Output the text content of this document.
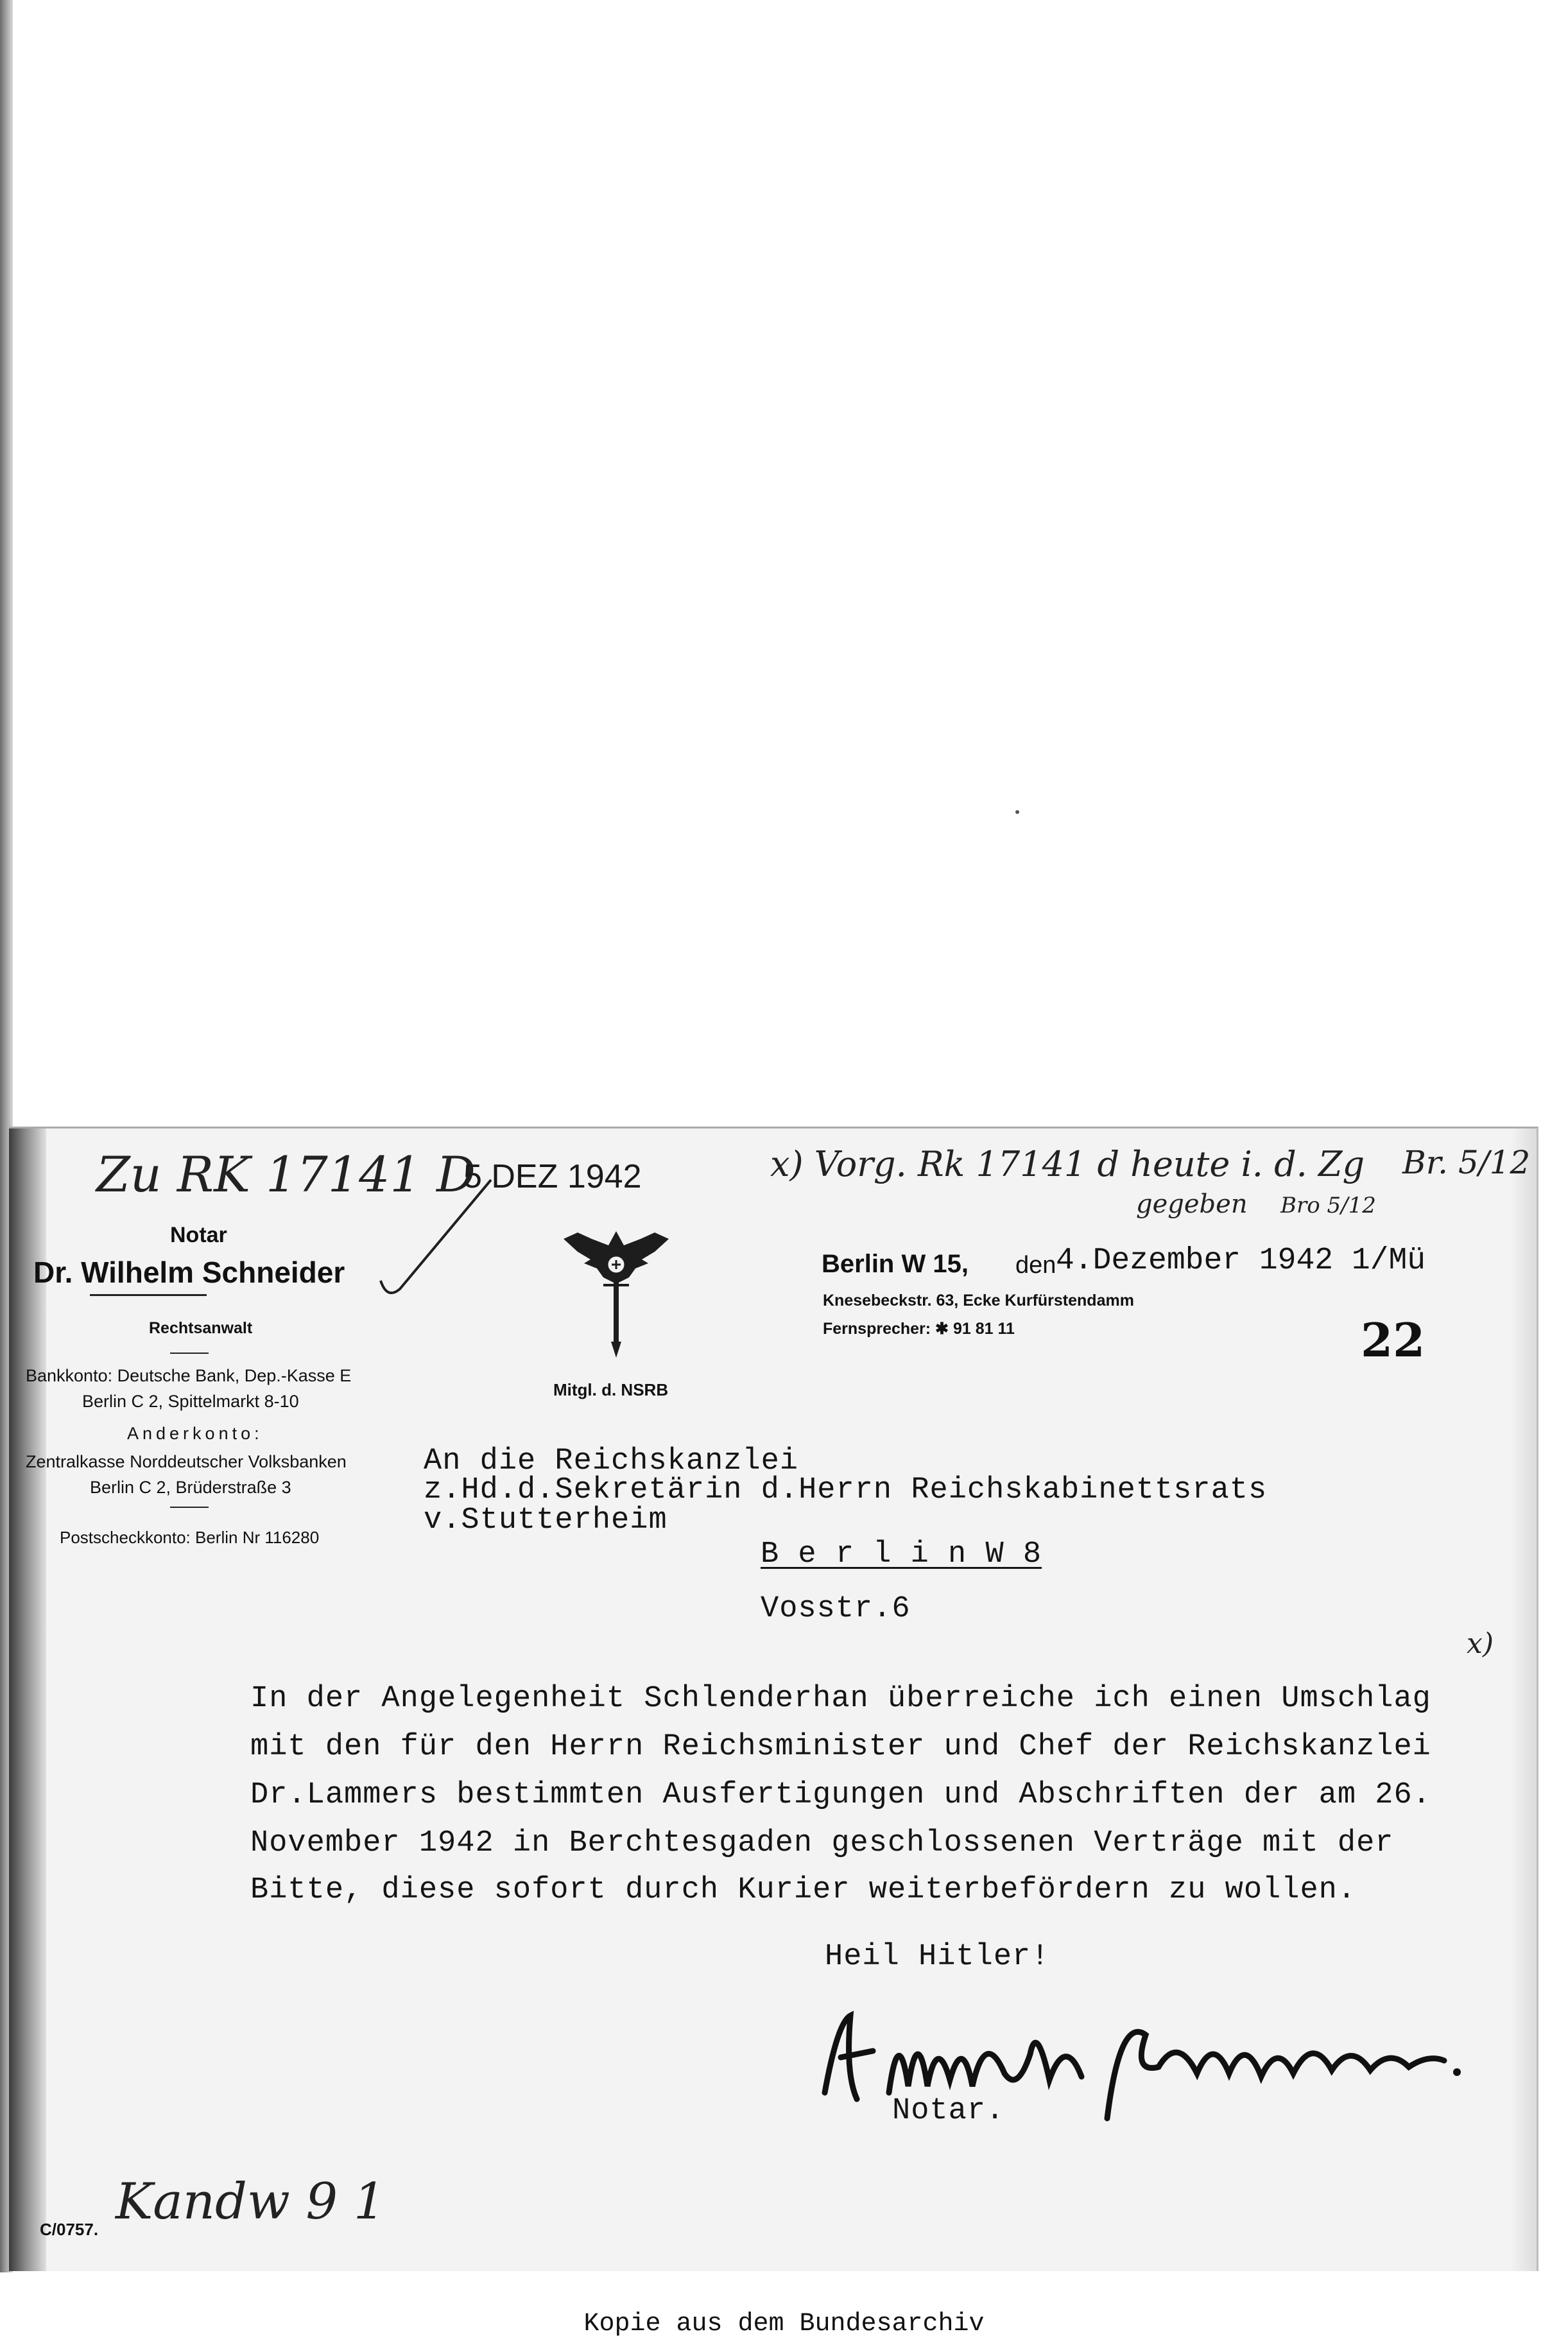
Zu RK 17141 D
5 DEZ 1942	x) Vorg. Rk 17141 d heute i. d. Zg
gegeben Bro 5/12
Br. 5/12
Notar
Dr. Wilhelm Schneider
Rechtsanwalt
Bankkonto: Deutsche Bank, Dep.-Kasse E
Berlin C 2, Spittelmarkt 8-10
Anderkonto:
Zentralkasse Norddeutscher Volksbanken
Berlin C 2, Brüderstraße 3
Postscheckkonto: Berlin Nr 116280
Mitgl. d. NSRB
Berlin W 15, den 4.Dezember 1942 1/Mü
Knesebeckstr. 63, Ecke Kurfürstendamm
Fernsprecher: ✱ 91 81 11	22
An die Reichskanzlei
z.Hd.d.Sekretärin d.Herrn Reichskabinettsrats
v.Stutterheim
B e r l i n W 8
Vosstr.6
x)
In der Angelegenheit Schlenderhan überreiche ich einen Umschlag
mit den für den Herrn Reichsminister und Chef der Reichskanzlei
Dr.Lammers bestimmten Ausfertigungen und Abschriften der am 26.
November 1942 in Berchtesgaden geschlossenen Verträge mit der
Bitte, diese sofort durch Kurier weiterbefördern zu wollen.
Heil Hitler!
Notar.
Kandw 9 1
C/0757.
Kopie aus dem Bundesarchiv
